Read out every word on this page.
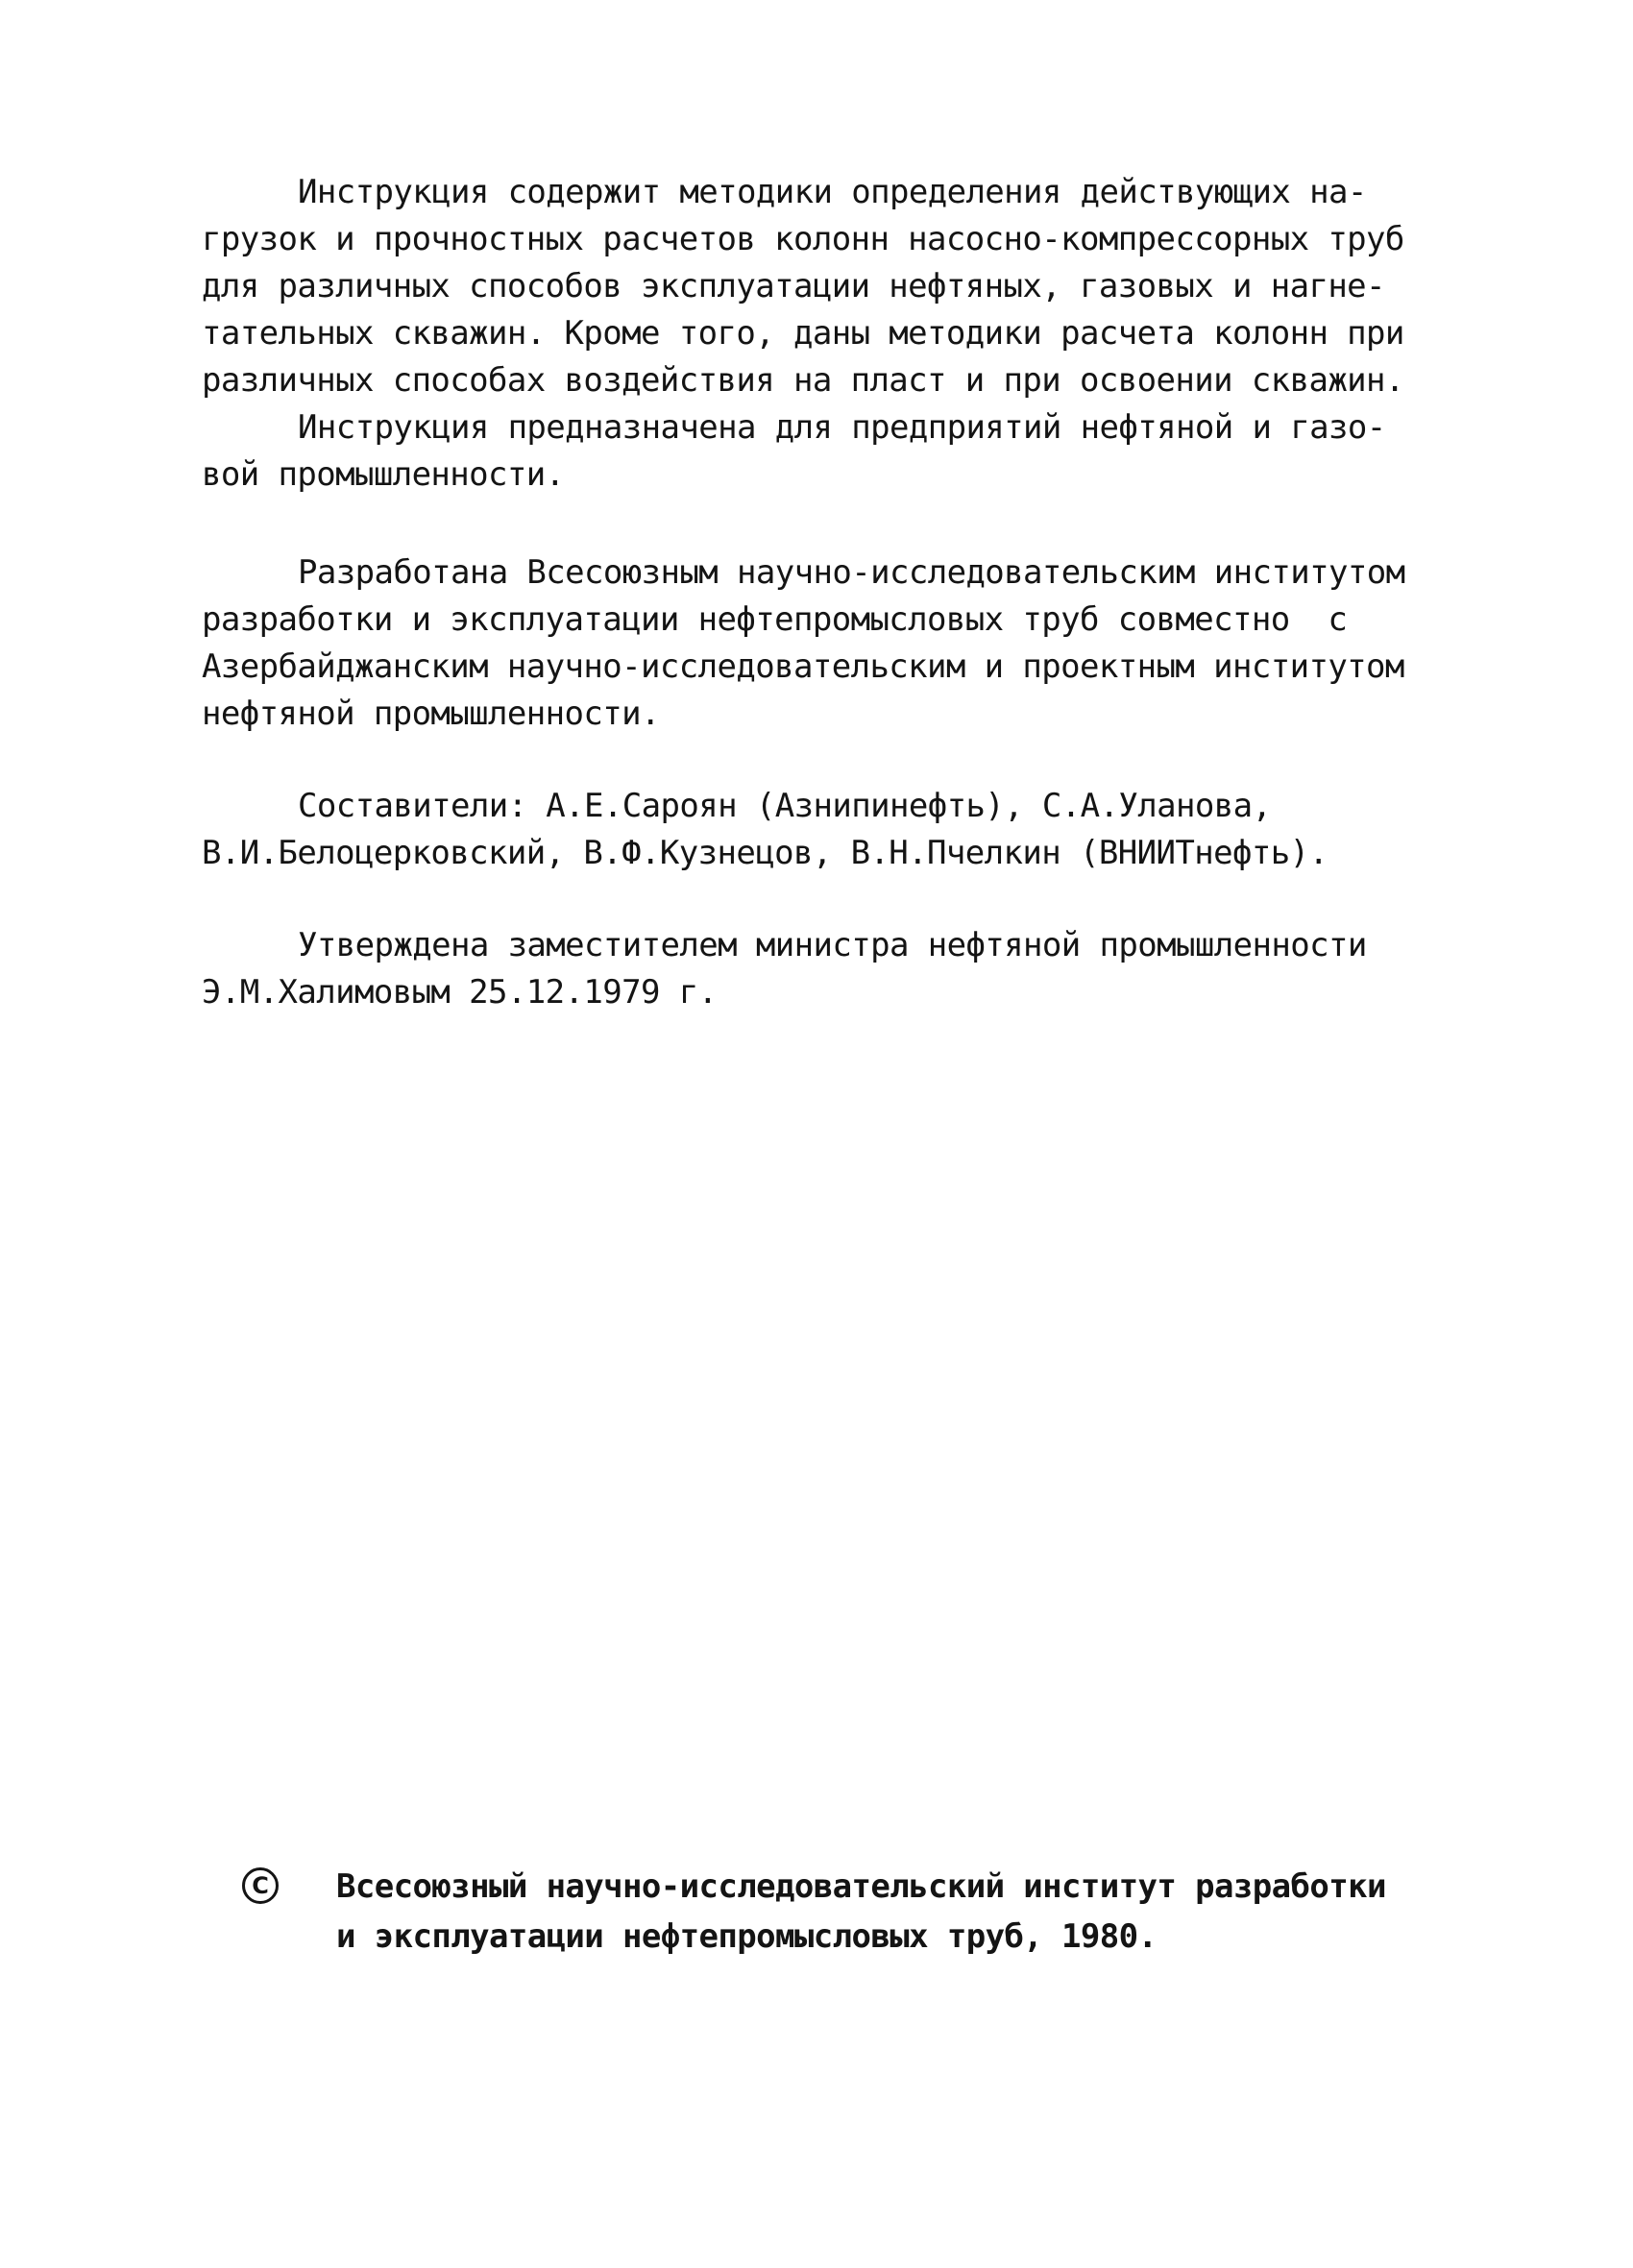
Инструкция содержит методики определения действующих на-
грузок и прочностных расчетов колонн насосно-компрессорных труб
для различных способов эксплуатации нефтяных, газовых и нагне-
тательных скважин. Кроме того, даны методики расчета колонн при
различных способах воздействия на пласт и при освоении скважин.
Инструкция предназначена для предприятий нефтяной и газо-
вой промышленности.
Разработана Всесоюзным научно-исследовательским институтом
разработки и эксплуатации нефтепромысловых труб совместно  с
Азербайджанским научно-исследовательским и проектным институтом
нефтяной промышленности.
Составители: А.Е.Сароян (Азнипинефть), С.А.Уланова,
В.И.Белоцерковский, В.Ф.Кузнецов, В.Н.Пчелкин (ВНИИТнефть).
Утверждена заместителем министра нефтяной промышленности
Э.М.Халимовым 25.12.1979 г.
C Всесоюзный научно-исследовательский институт разработки
и эксплуатации нефтепромысловых труб, 1980.
